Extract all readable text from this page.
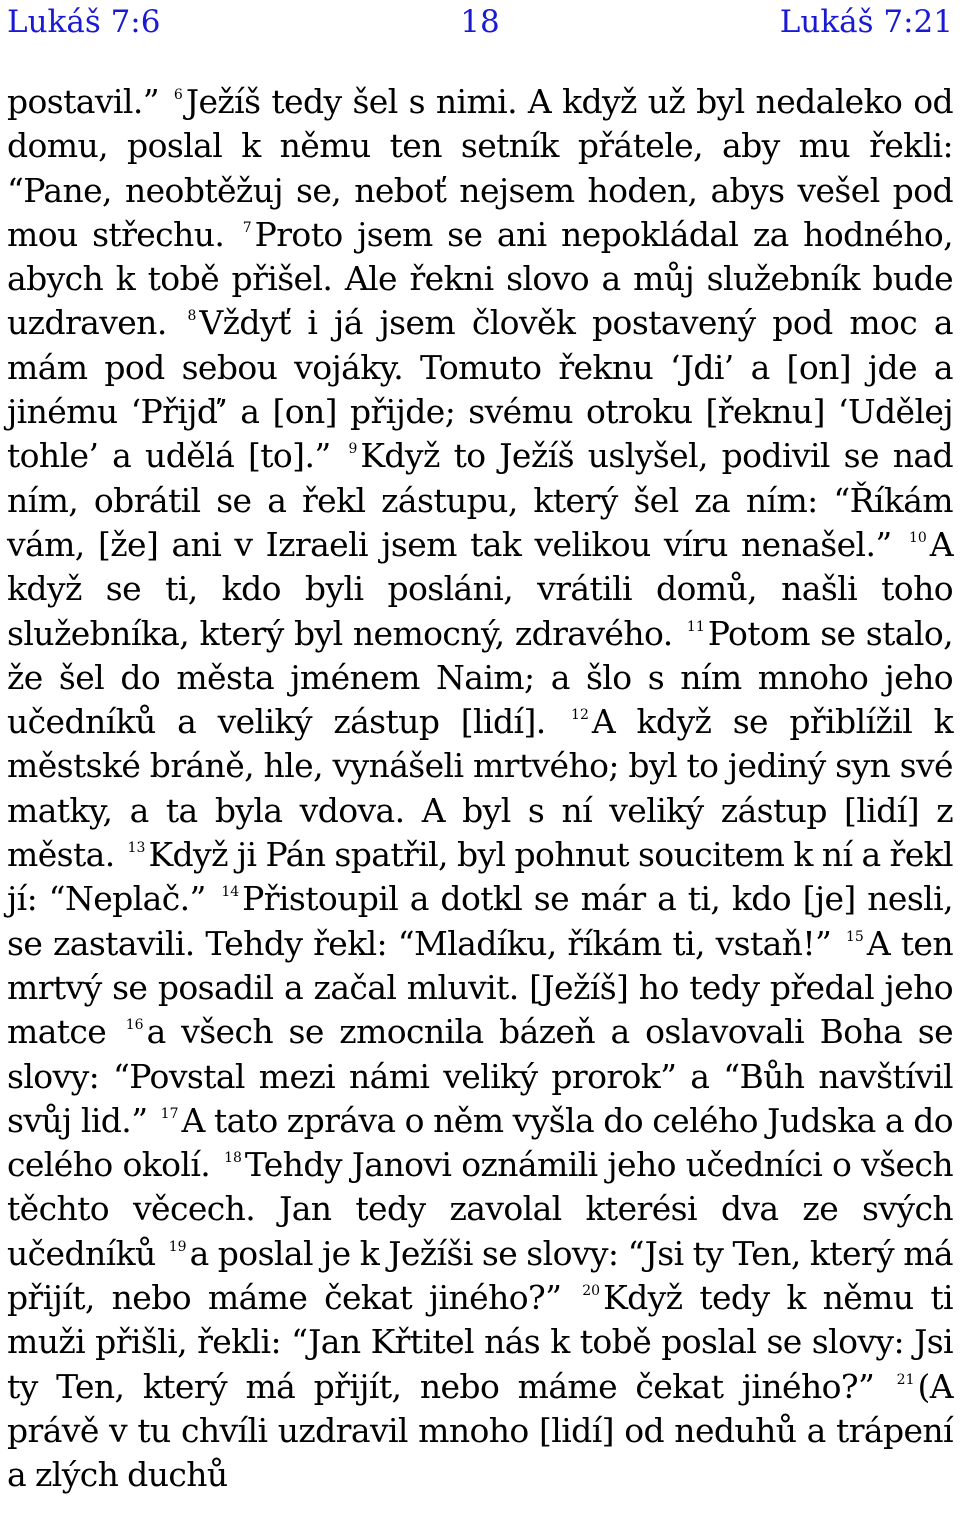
Lukáš 7:6	18	Lukáš 7:21
postavil.” $^6$Ježíš tedy šel s nimi. A když už byl nedaleko od domu, poslal k němu ten setník přátele, aby mu řekli: “Pane, neobtěžuj se, neboť nejsem hoden, abys vešel pod mou střechu. $^7$Proto jsem se ani nepokládal za hodného, abych k tobě přišel. Ale řekni slovo a můj služebník bude uzdraven. $^8$Vždyť i já jsem člověk postavený pod moc a mám pod sebou vojáky. Tomuto řeknu ‘Jdi’ a [on] jde a jinému ‘Přijď’ a [on] přijde; svému otroku [řeknu] ‘Udělej tohle’ a udělá [to].” $^9$Když to Ježíš uslyšel, podivil se nad ním, obrátil se a řekl zástupu, který šel za ním: “Říkám vám, [že] ani v Izraeli jsem tak velikou víru nenašel.” $^{10}$A když se ti, kdo byli posláni, vrátili domů, našli toho služebníka, který byl nemocný, zdravého. $^{11}$Potom se stalo, že šel do města jménem Naim; a šlo s ním mnoho jeho učedníků a veliký zástup [lidí]. $^{12}$A když se přiblížil k městské bráně, hle, vynášeli mrtvého; byl to jediný syn své matky, a ta byla vdova. A byl s ní veliký zástup [lidí] z města. $^{13}$Když ji Pán spatřil, byl pohnut soucitem k ní a řekl jí: “Neplač.” $^{14}$Přistoupil a dotkl se már a ti, kdo [je] nesli, se zastavili. Tehdy řekl: “Mladíku, říkám ti, vstaň!” $^{15}$A ten mrtvý se posadil a začal mluvit. [Ježíš] ho tedy předal jeho matce $^{16}$a všech se zmocnila bázeň a oslavovali Boha se slovy: “Povstal mezi námi veliký prorok” a “Bůh navštívil svůj lid.” $^{17}$A tato zpráva o něm vyšla do celého Judska a do celého okolí. $^{18}$Tehdy Janovi oznámili jeho učedníci o všech těchto věcech. Jan tedy zavolal kterési dva ze svých učedníků $^{19}$a poslal je k Ježíši se slovy: “Jsi ty Ten, který má přijít, nebo máme čekat jiného?” $^{20}$Když tedy k němu ti muži přišli, řekli: “Jan Křtitel nás k tobě poslal se slovy: Jsi ty Ten, který má přijít, nebo máme čekat jiného?” $^{21}$(A právě v tu chvíli uzdravil mnoho [lidí] od neduhů a trápení a zlých duchů
